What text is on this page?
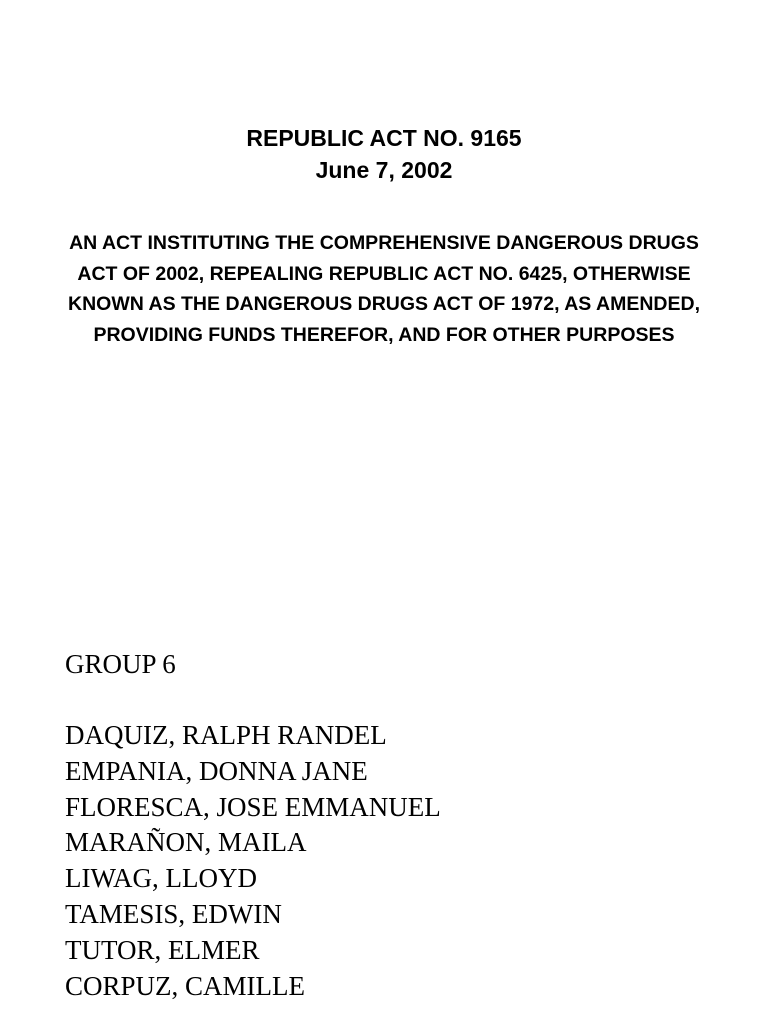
REPUBLIC ACT NO. 9165
June 7, 2002
AN ACT INSTITUTING THE COMPREHENSIVE DANGEROUS DRUGS ACT OF 2002, REPEALING REPUBLIC ACT NO. 6425, OTHERWISE KNOWN AS THE DANGEROUS DRUGS ACT OF 1972, AS AMENDED, PROVIDING FUNDS THEREFOR, AND FOR OTHER PURPOSES
GROUP 6
DAQUIZ, RALPH RANDEL
EMPANIA, DONNA JANE
FLORESCA, JOSE EMMANUEL
MARAÑON, MAILA
LIWAG, LLOYD
TAMESIS, EDWIN
TUTOR, ELMER
CORPUZ, CAMILLE
